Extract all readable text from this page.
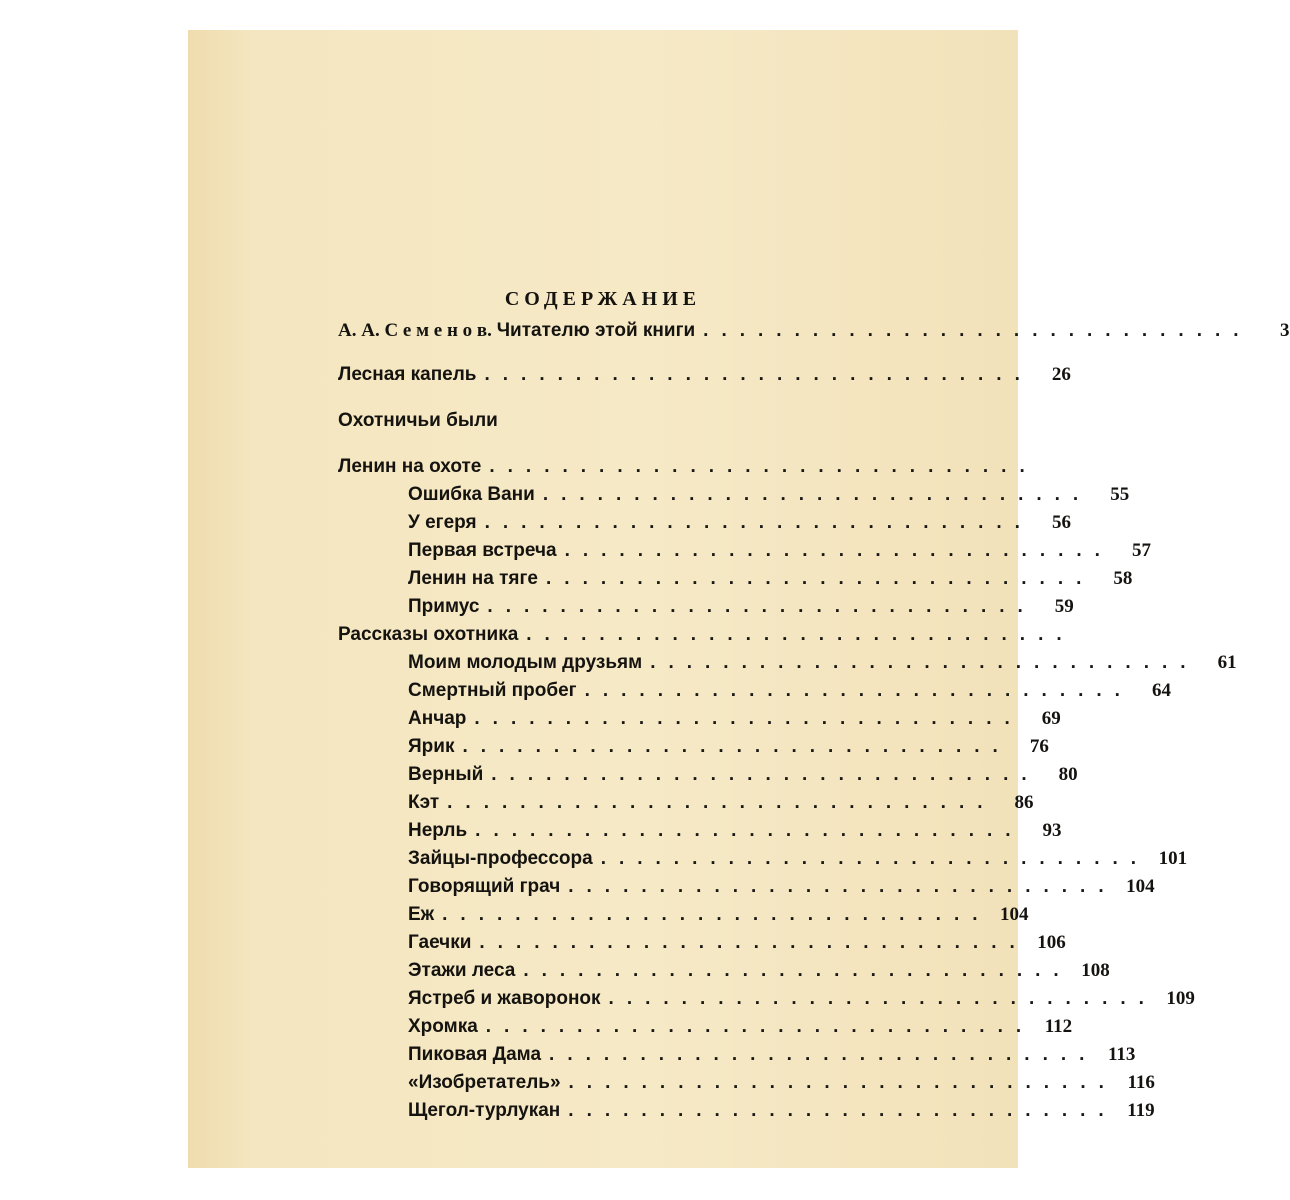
СОДЕРЖАНИЕ
А. А. С е м е н о в. Читателю этой книги ..............................	3
Лесная капель ..............................	26
Охотничьи были
Ленин на охоте ..............................
Ошибка Вани ..............................	55
У егеря ..............................	56
Первая встреча ..............................	57
Ленин на тяге ..............................	58
Примус ..............................	59
Рассказы охотника ..............................
Моим молодым друзьям ..............................	61
Смертный пробег ..............................	64
Анчар ..............................	69
Ярик ..............................	76
Верный ..............................	80
Кэт ..............................	86
Нерль ..............................	93
Зайцы-профессора .............................. 101
Говорящий грач .............................. 104
Еж .............................. 104
Гаечки .............................. 106
Этажи леса .............................. 108
Ястреб и жаворонок .............................. 109
Хромка .............................. 112
Пиковая Дама .............................. 113
«Изобретатель» .............................. 116
Щегол-турлукан .............................. 119
